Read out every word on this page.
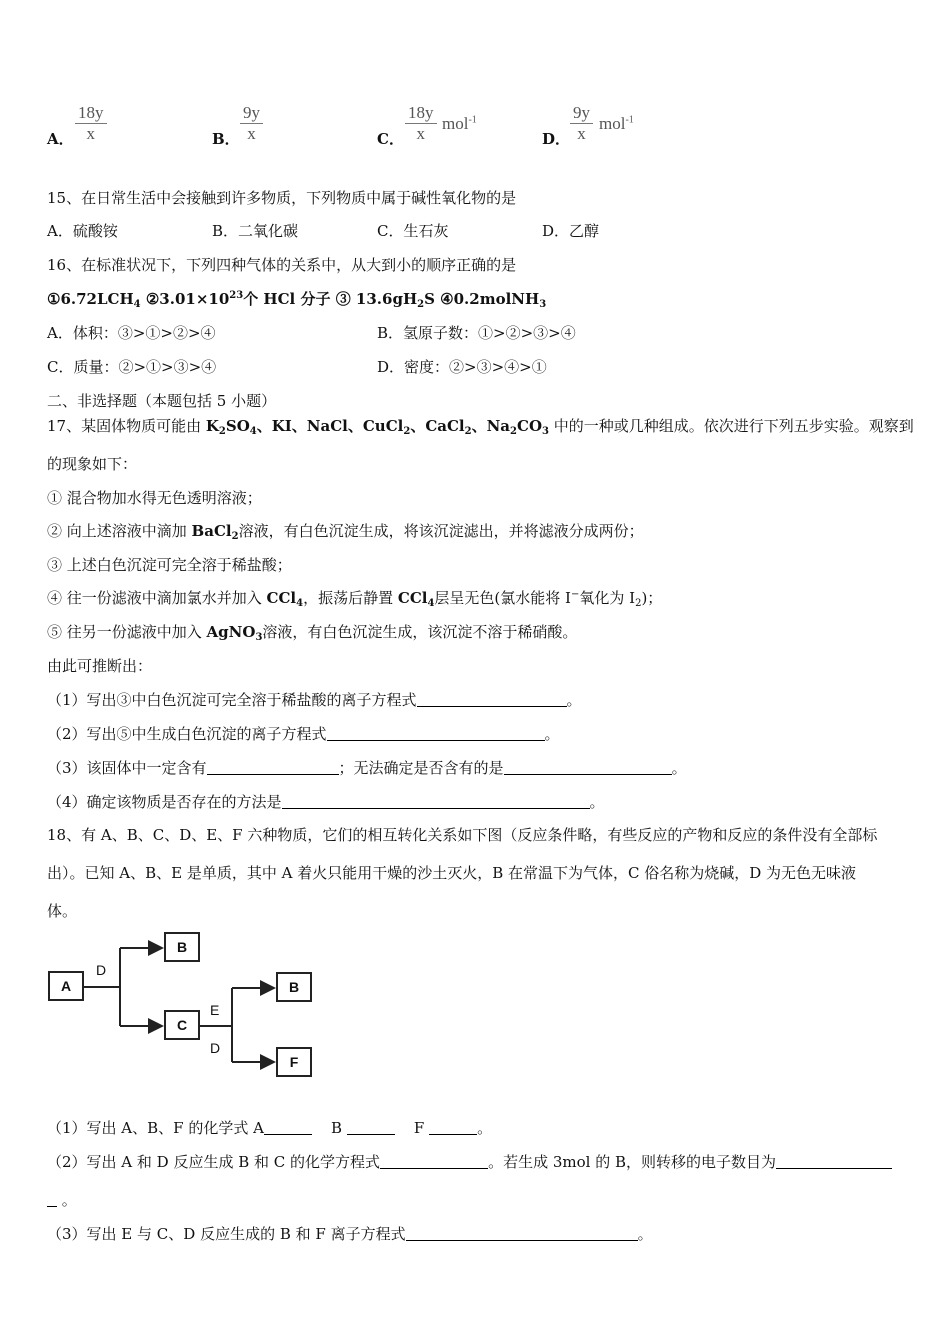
A． $\frac{18y}{x}$	B． $\frac{9y}{x}$	C． $\frac{18y}{x} mol^{-1}$
D． $\frac{9y}{x} mol^{-1}$
15、在日常生活中会接触到许多物质，下列物质中属于碱性氧化物的是
A．硫酸铵	B．二氧化碳	C．生石灰	D．乙醇
16、在标准状况下，下列四种气体的关系中，从大到小的顺序正确的是
$①6.72LCH_4$ $②3.01\times 10^{23}$个 HCl 分子 ③ $13.6gH_2S$ ④0.2molNH$_3$
A．体积：③>①>②>④	B．氢原子数：①>②>③>④
C．质量：②>①>③>④	D．密度：②>③>④>①
二、非选择题（本题包括 5 小题）
17、某固体物质可能由 $K_2SO_4$、KI、NaCl、CuCl$_2$、CaCl$_2$、$Na_2CO_3$ 中的一种或几种组成。依次进行下列五步实验。观察到
的现象如下：
① 混合物加水得无色透明溶液；
② 向上述溶液中滴加 BaCl$_2$溶液，有白色沉淀生成，将该沉淀滤出，并将滤液分成两份；
③ 上述白色沉淀可完全溶于稀盐酸；
④ 往一份滤液中滴加氯水并加入 CCl$_4$，振荡后静置 CCl$_4$层呈无色(氯水能将 I−氧化为 $I_2$)；
⑤ 往另一份滤液中加入 AgNO$_3$溶液，有白色沉淀生成，该沉淀不溶于稀硝酸。
由此可推断出：
（1）写出③中白色沉淀可完全溶于稀盐酸的离子方程式	。
（2）写出⑤中生成白色沉淀的离子方程式	。
（3）该固体中一定含有	；无法确定是否含有的是	。
（4）确定该物质是否存在的方法是	。
18、有 A、B、C、D、E、F 六种物质，它们的相互转化关系如下图（反应条件略，有些反应的产物和反应的条件没有全部标
出）。已知 A、B、E 是单质，其中 A 着火只能用干燥的沙土灭火，B 在常温下为气体，C 俗名称为烧碱，D 为无色无味液
体。
A
B
C
B
F
D
E
D
（1）写出 A、B、F 的化学式 A	B	F	。
（2）写出 A 和 D 反应生成 B 和 C 的化学方程式	。若生成 3mol 的 B，则转移的电子数目为
。
（3）写出 E 与 C、D 反应生成的 B 和 F 离子方程式	。
